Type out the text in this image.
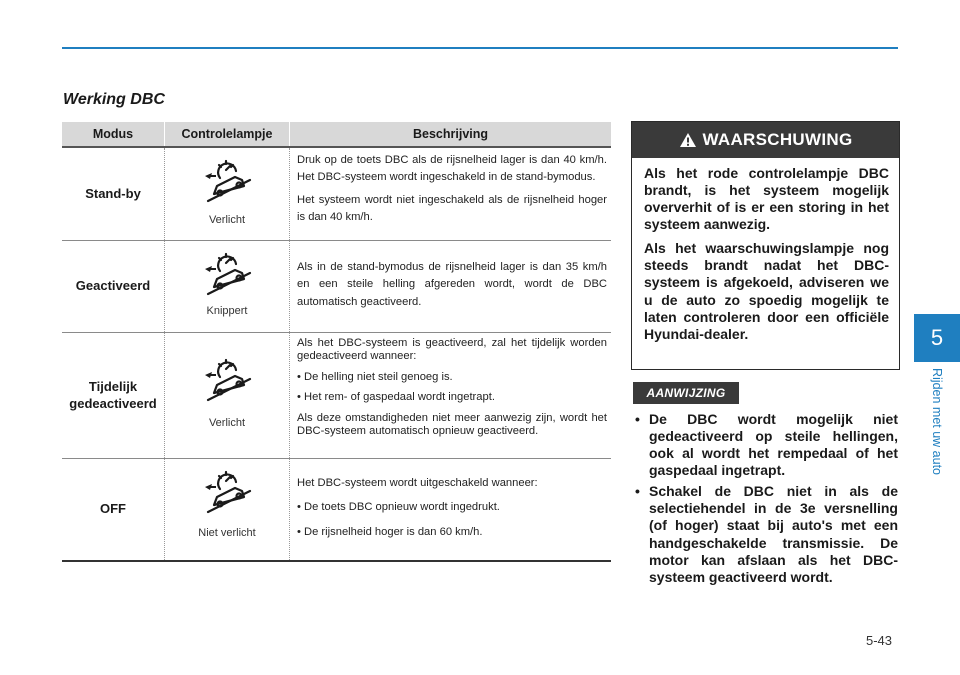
Werking DBC
Modus	Controlelampje	Beschrijving
Stand-by
Verlicht

Druk op de toets DBC als de rijsnelheid lager is dan 40 km/h. Het DBC-systeem wordt ingeschakeld in de stand-bymodus.

Het systeem wordt niet ingeschakeld als de rijsnelheid hoger is dan 40 km/h.

Geactiveerd
Knippert

Als in de stand-bymodus de rijsnelheid lager is dan 35 km/h en een steile helling afgereden wordt, wordt de DBC automatisch geactiveerd.

Tijdelijk gedeactiveerd
Verlicht

Als het DBC-systeem is geactiveerd, zal het tijdelijk worden gedeactiveerd wanneer:

• De helling niet steil genoeg is.

• Het rem- of gaspedaal wordt ingetrapt.

Als deze omstandigheden niet meer aanwezig zijn, wordt het DBC-systeem automatisch opnieuw geactiveerd.

OFF
Niet verlicht

Het DBC-systeem wordt uitgeschakeld wanneer:

• De toets DBC opnieuw wordt ingedrukt.

• De rijsnelheid hoger is dan 60 km/h.

WAARSCHUWING

Als het rode controlelampje DBC brandt, is het systeem mogelijk oververhit of is er een storing in het systeem aanwezig.

Als het waarschuwingslampje nog steeds brandt nadat het DBC-systeem is afgekoeld, adviseren we u de auto zo spoedig mogelijk te laten controleren door een officiële Hyundai-dealer.

AANWIJZING
• De DBC wordt mogelijk niet gedeactiveerd op steile hellingen, ook al wordt het rempedaal of het gaspedaal ingetrapt.
• Schakel de DBC niet in als de selectiehendel in de 3e versnelling (of hoger) staat bij auto's met een handgeschakelde transmissie. De motor kan afslaan als het DBC-systeem geactiveerd wordt.
5
Rijden met uw auto
5-43
